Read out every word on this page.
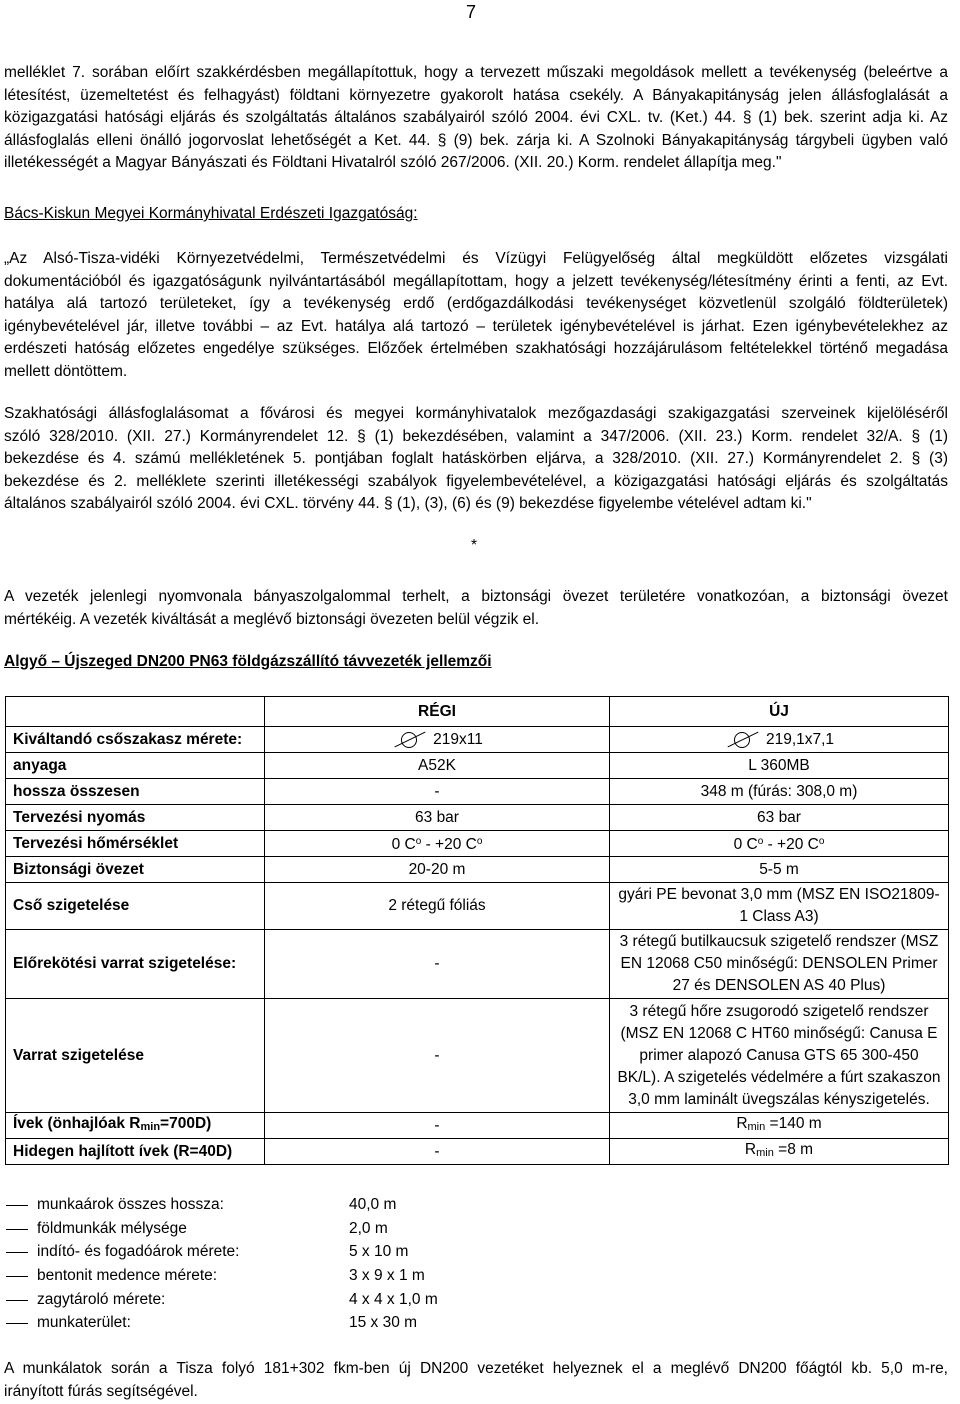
7
melléklet 7. sorában előírt szakkérdésben megállapítottuk, hogy a tervezett műszaki megoldások mellett a tevékenység (beleértve a
létesítést, üzemeltetést és felhagyást) földtani környezetre gyakorolt hatása csekély. A Bányakapitányság jelen állásfoglalását a
közigazgatási hatósági eljárás és szolgáltatás általános szabályairól szóló 2004. évi CXL. tv. (Ket.) 44. § (1) bek. szerint adja ki. Az
állásfoglalás elleni önálló jogorvoslat lehetőségét a Ket. 44. § (9) bek. zárja ki. A Szolnoki Bányakapitányság tárgybeli ügyben való
illetékességét a Magyar Bányászati és Földtani Hivatalról szóló 267/2006. (XII. 20.) Korm. rendelet állapítja meg."
Bács-Kiskun Megyei Kormányhivatal Erdészeti Igazgatóság:
„Az Alsó-Tisza-vidéki Környezetvédelmi, Természetvédelmi és Vízügyi Felügyelőség által megküldött előzetes vizsgálati
dokumentációból és igazgatóságunk nyilvántartásából megállapítottam, hogy a jelzett tevékenység/létesítmény érinti a fenti, az Evt.
hatálya alá tartozó területeket, így a tevékenység erdő (erdőgazdálkodási tevékenységet közvetlenül szolgáló földterületek)
igénybevételével jár, illetve további – az Evt. hatálya alá tartozó – területek igénybevételével is járhat. Ezen igénybevételekhez az
erdészeti hatóság előzetes engedélye szükséges. Előzőek értelmében szakhatósági hozzájárulásom feltételekkel történő megadása
mellett döntöttem.
Szakhatósági állásfoglalásomat a fővárosi és megyei kormányhivatalok mezőgazdasági szakigazgatási szerveinek kijelöléséről
szóló 328/2010. (XII. 27.) Kormányrendelet 12. § (1) bekezdésében, valamint a 347/2006. (XII. 23.) Korm. rendelet 32/A. § (1)
bekezdése és 4. számú mellékletének 5. pontjában foglalt hatáskörben eljárva, a 328/2010. (XII. 27.) Kormányrendelet 2. § (3)
bekezdése és 2. melléklete szerinti illetékességi szabályok figyelembevételével, a közigazgatási hatósági eljárás és szolgáltatás
általános szabályairól szóló 2004. évi CXL. törvény 44. § (1), (3), (6) és (9) bekezdése figyelembe vételével adtam ki."
*
A vezeték jelenlegi nyomvonala bányaszolgalommal terhelt, a biztonsági övezet területére vonatkozóan, a biztonsági övezet
mértékéig. A vezeték kiváltását a meglévő biztonsági övezeten belül végzik el.
Algyő – Újszeged DN200 PN63 földgázszállító távvezeték jellemzői
	RÉGI	ÚJ
Kiváltandó csőszakasz mérete:	219x11	219,1x7,1
anyaga	A52K	L 360MB
hossza összesen	-	348 m (fúrás: 308,0 m)
Tervezési nyomás	63 bar	63 bar
Tervezési hőmérséklet	0 $C^o - +20$ $C^o$	0 $C^o - +20$ $C^o$
Biztonsági övezet	20-20 m	5-5 m
Cső szigetelése	2 rétegű fóliás	gyári PE bevonat 3,0 mm (MSZ EN ISO21809-1 Class A3)
Előrekötési varrat szigetelése:	-	3 rétegű butilkaucsuk szigetelő rendszer (MSZ EN 12068 C50 minőségű: DENSOLEN Primer 27 és DENSOLEN AS 40 Plus)
Varrat szigetelése	-	3 rétegű hőre zsugorodó szigetelő rendszer (MSZ EN 12068 C HT60 minőségű: Canusa E primer alapozó Canusa GTS 65 300-450 BK/L). A szigetelés védelmére a fúrt szakaszon 3,0 mm laminált üvegszálas kényszigetelés.
Ívek (önhajlóak $R_{min}=700D$)	-	$R_{min} =140$ m
Hidegen hajlított ívek (R=40D)	-	$R_{min} =8$ m
munkaárok összes hossza:	40,0 m
földmunkák mélysége	2,0 m
indító- és fogadóárok mérete:	5 x 10 m
bentonit medence mérete:	3 x 9 x 1 m
zagytároló mérete:	4 x 4 x 1,0 m
munkaterület:	15 x 30 m
A munkálatok során a Tisza folyó 181+302 fkm-ben új DN200 vezetéket helyeznek el a meglévő DN200 főágtól kb. 5,0 m-re,
irányított fúrás segítségével.
